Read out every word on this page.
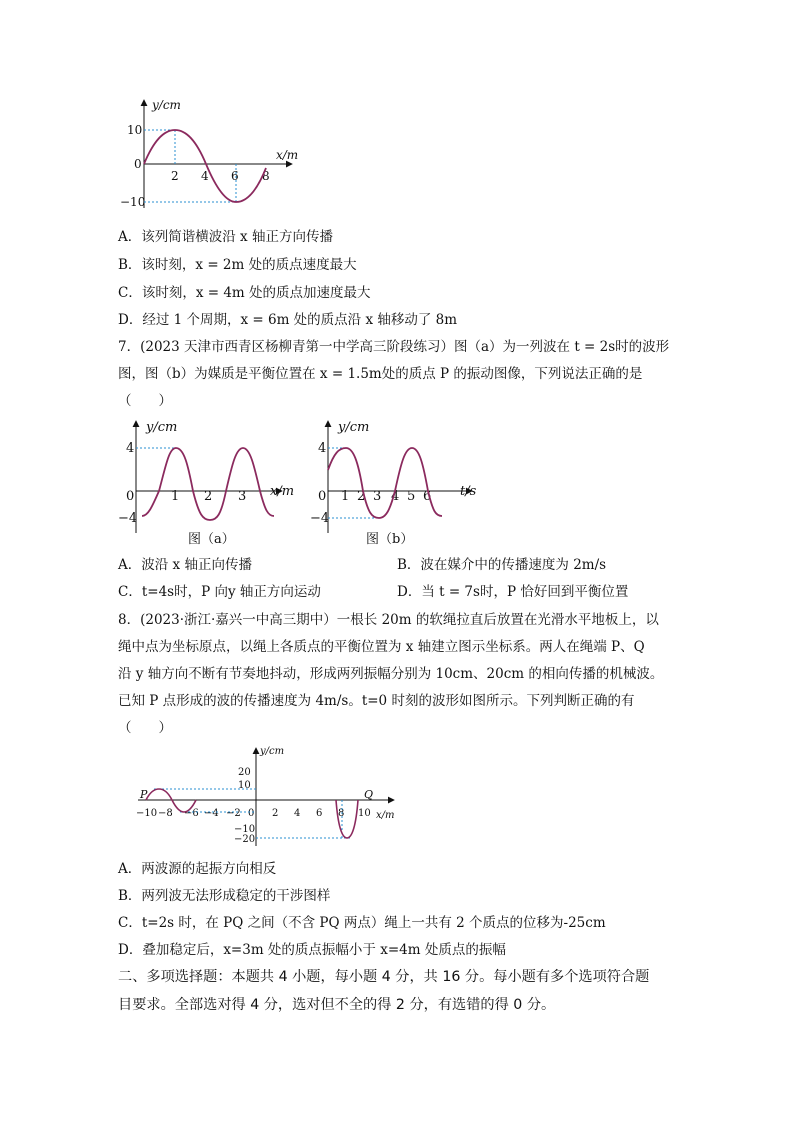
y/cm
x/m
10
0
−10
2 4 6 8
A．该列简谐横波沿 x 轴正方向传播
B．该时刻，x = 2m 处的质点速度最大
C．该时刻，x = 4m 处的质点加速度最大
D．经过 1 个周期，x = 6m 处的质点沿 x 轴移动了 8m
7．(2023 天津市西青区杨柳青第一中学高三阶段练习）图（a）为一列波在 t = 2s时的波形
图，图（b）为媒质是平衡位置在 x = 1.5m处的质点 P 的振动图像，下列说法正确的是
（　　）
y/cm
x/m
4
0
−4
1 2 3
图（a）
y/cm
t/s
4
0
−4
1 2 3 4 5 6
图（b）
A．波沿 x 轴正向传播	B．波在媒介中的传播速度为 2m/s
C．t=4s时，P 向y 轴正方向运动	D．当 t = 7s时，P 恰好回到平衡位置
8．(2023·浙江·嘉兴一中高三期中）一根长 20m 的软绳拉直后放置在光滑水平地板上，以
绳中点为坐标原点，以绳上各质点的平衡位置为 x 轴建立图示坐标系。两人在绳端 P、Q
沿 y 轴方向不断有节奏地抖动，形成两列振幅分别为 10cm、20cm 的相向传播的机械波。
已知 P 点形成的波的传播速度为 4m/s。t=0 时刻的波形如图所示。下列判断正确的有
（　　）
y/cm
x/m
20
10
−10
−20
−10 −8 −6 −4 −2 0 2 4 6 8 10
P	Q
A．两波源的起振方向相反
B．两列波无法形成稳定的干涉图样
C．t=2s 时，在 PQ 之间（不含 PQ 两点）绳上一共有 2 个质点的位移为-25cm
D．叠加稳定后，x=3m 处的质点振幅小于 x=4m 处质点的振幅
二、多项选择题：本题共 4 小题，每小题 4 分，共 16 分。每小题有多个选项符合题
目要求。全部选对得 4 分，选对但不全的得 2 分，有选错的得 0 分。
